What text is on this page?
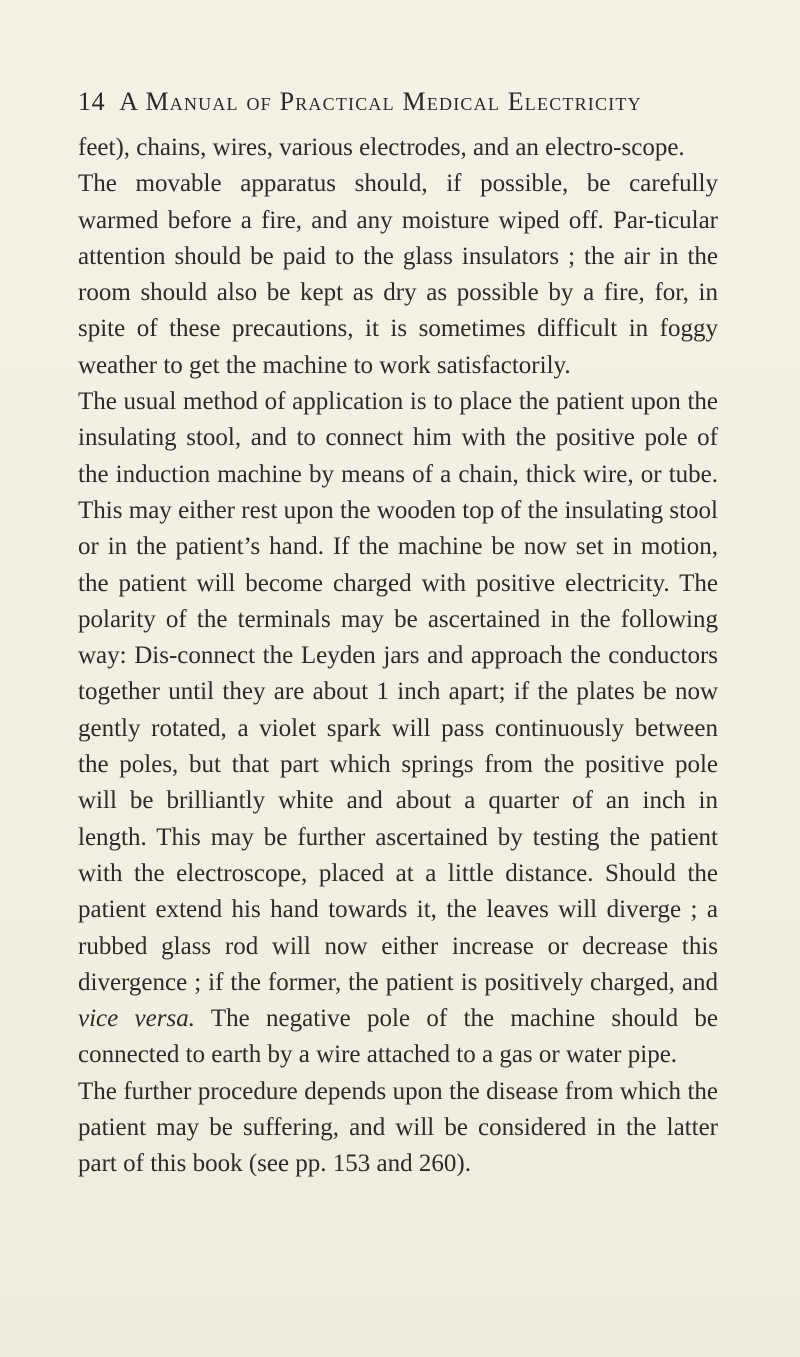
14 A Manual of Practical Medical Electricity

feet), chains, wires, various electrodes, and an electro-scope.

The movable apparatus should, if possible, be carefully warmed before a fire, and any moisture wiped off. Par-ticular attention should be paid to the glass insulators ; the air in the room should also be kept as dry as possible by a fire, for, in spite of these precautions, it is sometimes difficult in foggy weather to get the machine to work satisfactorily.

The usual method of application is to place the patient upon the insulating stool, and to connect him with the positive pole of the induction machine by means of a chain, thick wire, or tube. This may either rest upon the wooden top of the insulating stool or in the patient’s hand. If the machine be now set in motion, the patient will become charged with positive electricity. The polarity of the terminals may be ascertained in the following way: Dis-connect the Leyden jars and approach the conductors together until they are about 1 inch apart; if the plates be now gently rotated, a violet spark will pass continuously between the poles, but that part which springs from the positive pole will be brilliantly white and about a quarter of an inch in length. This may be further ascertained by testing the patient with the electroscope, placed at a little distance. Should the patient extend his hand towards it, the leaves will diverge ; a rubbed glass rod will now either increase or decrease this divergence ; if the former, the patient is positively charged, and vice versa. The negative pole of the machine should be connected to earth by a wire attached to a gas or water pipe.

The further procedure depends upon the disease from which the patient may be suffering, and will be considered in the latter part of this book (see pp. 153 and 260).
